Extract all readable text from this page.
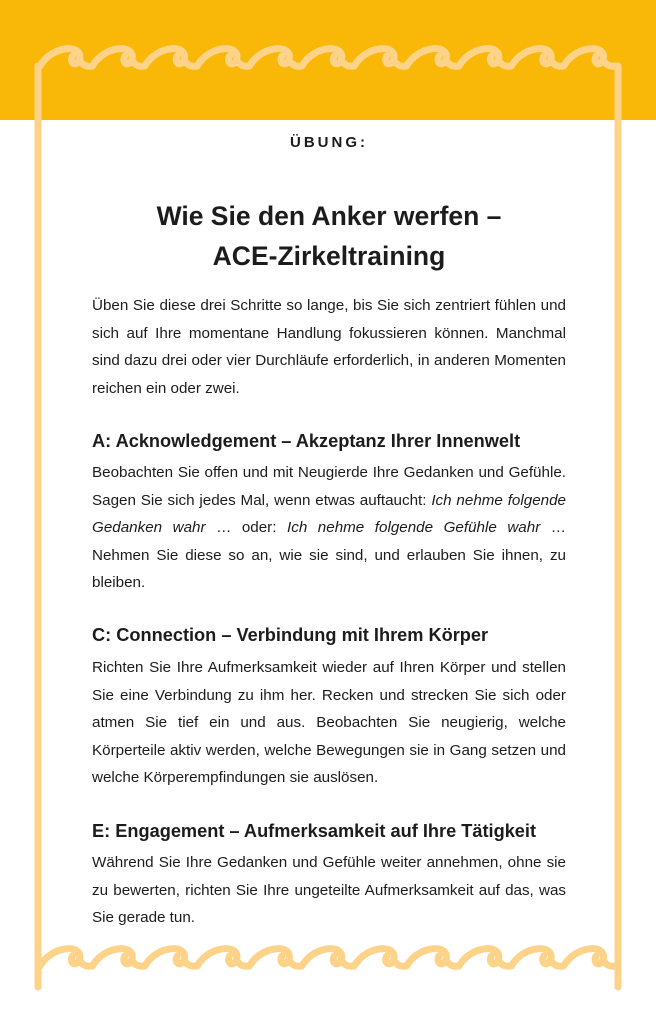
ÜBUNG:
Wie Sie den Anker werfen –
ACE-Zirkeltraining

Üben Sie diese drei Schritte so lange, bis Sie sich zentriert fühlen und sich auf Ihre momentane Handlung fokussieren können. Manchmal sind dazu drei oder vier Durchläufe erforderlich, in anderen Momenten reichen ein oder zwei.

A: Acknowledgement – Akzeptanz Ihrer Innenwelt

Beobachten Sie offen und mit Neugierde Ihre Gedanken und Gefühle. Sagen Sie sich jedes Mal, wenn etwas auftaucht: Ich nehme folgende Gedanken wahr … oder: Ich nehme folgende Gefühle wahr … Nehmen Sie diese so an, wie sie sind, und erlauben Sie ihnen, zu bleiben.

C: Connection – Verbindung mit Ihrem Körper

Richten Sie Ihre Aufmerksamkeit wieder auf Ihren Körper und stellen Sie eine Verbindung zu ihm her. Recken und strecken Sie sich oder atmen Sie tief ein und aus. Beobachten Sie neugierig, welche Körperteile aktiv werden, welche Bewegungen sie in Gang setzen und welche Körperempfindungen sie auslösen.

E: Engagement – Aufmerksamkeit auf Ihre Tätigkeit

Während Sie Ihre Gedanken und Gefühle weiter annehmen, ohne sie zu bewerten, richten Sie Ihre ungeteilte Aufmerksamkeit auf das, was Sie gerade tun.
